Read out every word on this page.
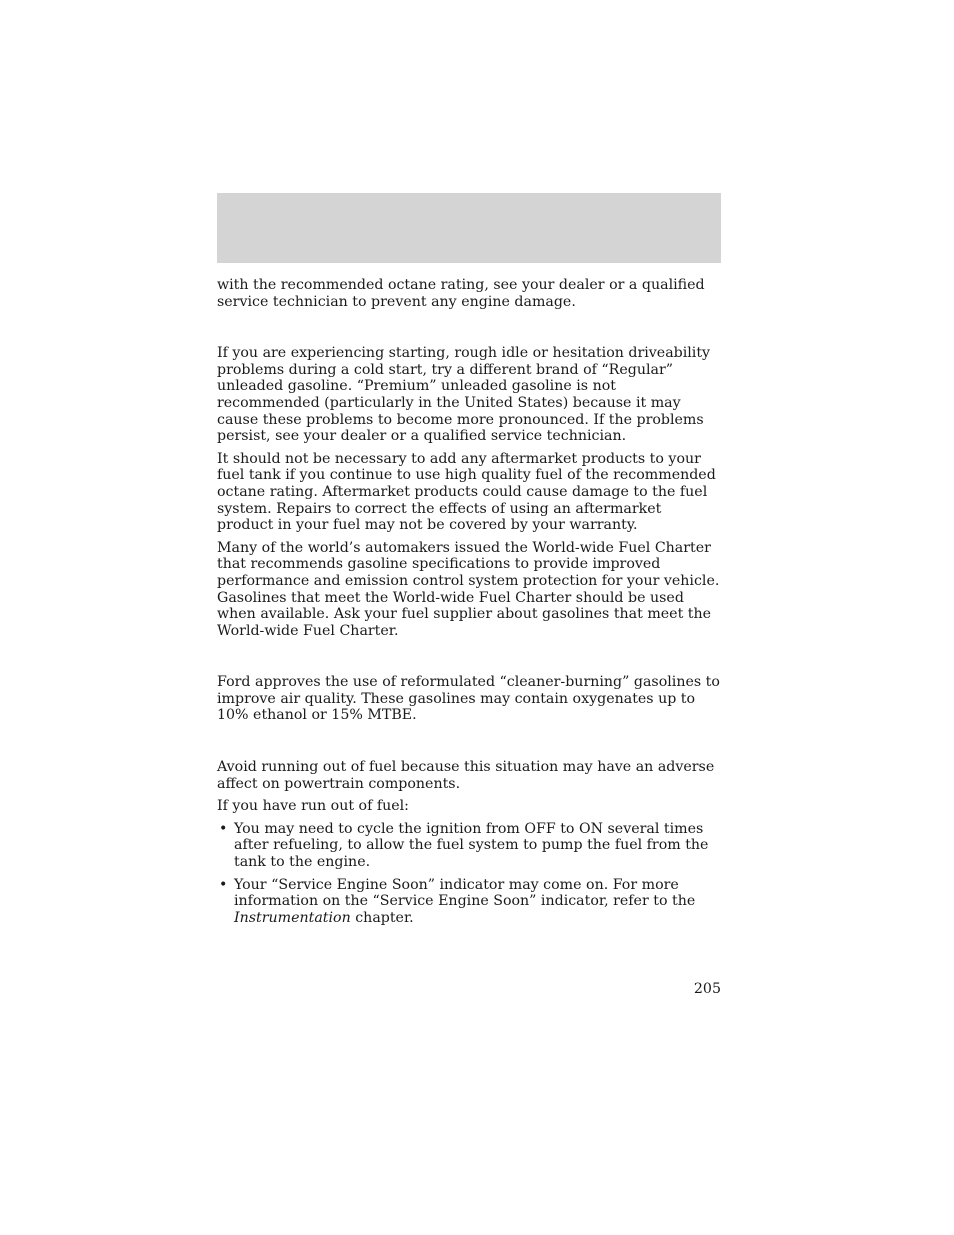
with the recommended octane rating, see your dealer or a qualified service technician to prevent any engine damage.

If you are experiencing starting, rough idle or hesitation driveability problems during a cold start, try a different brand of “Regular” unleaded gasoline. “Premium” unleaded gasoline is not recommended (particularly in the United States) because it may cause these problems to become more pronounced. If the problems persist, see your dealer or a qualified service technician.

It should not be necessary to add any aftermarket products to your fuel tank if you continue to use high quality fuel of the recommended octane rating. Aftermarket products could cause damage to the fuel system. Repairs to correct the effects of using an aftermarket product in your fuel may not be covered by your warranty.

Many of the world’s automakers issued the World-wide Fuel Charter that recommends gasoline specifications to provide improved performance and emission control system protection for your vehicle. Gasolines that meet the World-wide Fuel Charter should be used when available. Ask your fuel supplier about gasolines that meet the World-wide Fuel Charter.

Ford approves the use of reformulated “cleaner-burning” gasolines to improve air quality. These gasolines may contain oxygenates up to 10% ethanol or 15% MTBE.

Avoid running out of fuel because this situation may have an adverse affect on powertrain components.

If you have run out of fuel:

• You may need to cycle the ignition from OFF to ON several times after refueling, to allow the fuel system to pump the fuel from the tank to the engine.
• Your “Service Engine Soon” indicator may come on. For more information on the “Service Engine Soon” indicator, refer to the Instrumentation chapter.
205
